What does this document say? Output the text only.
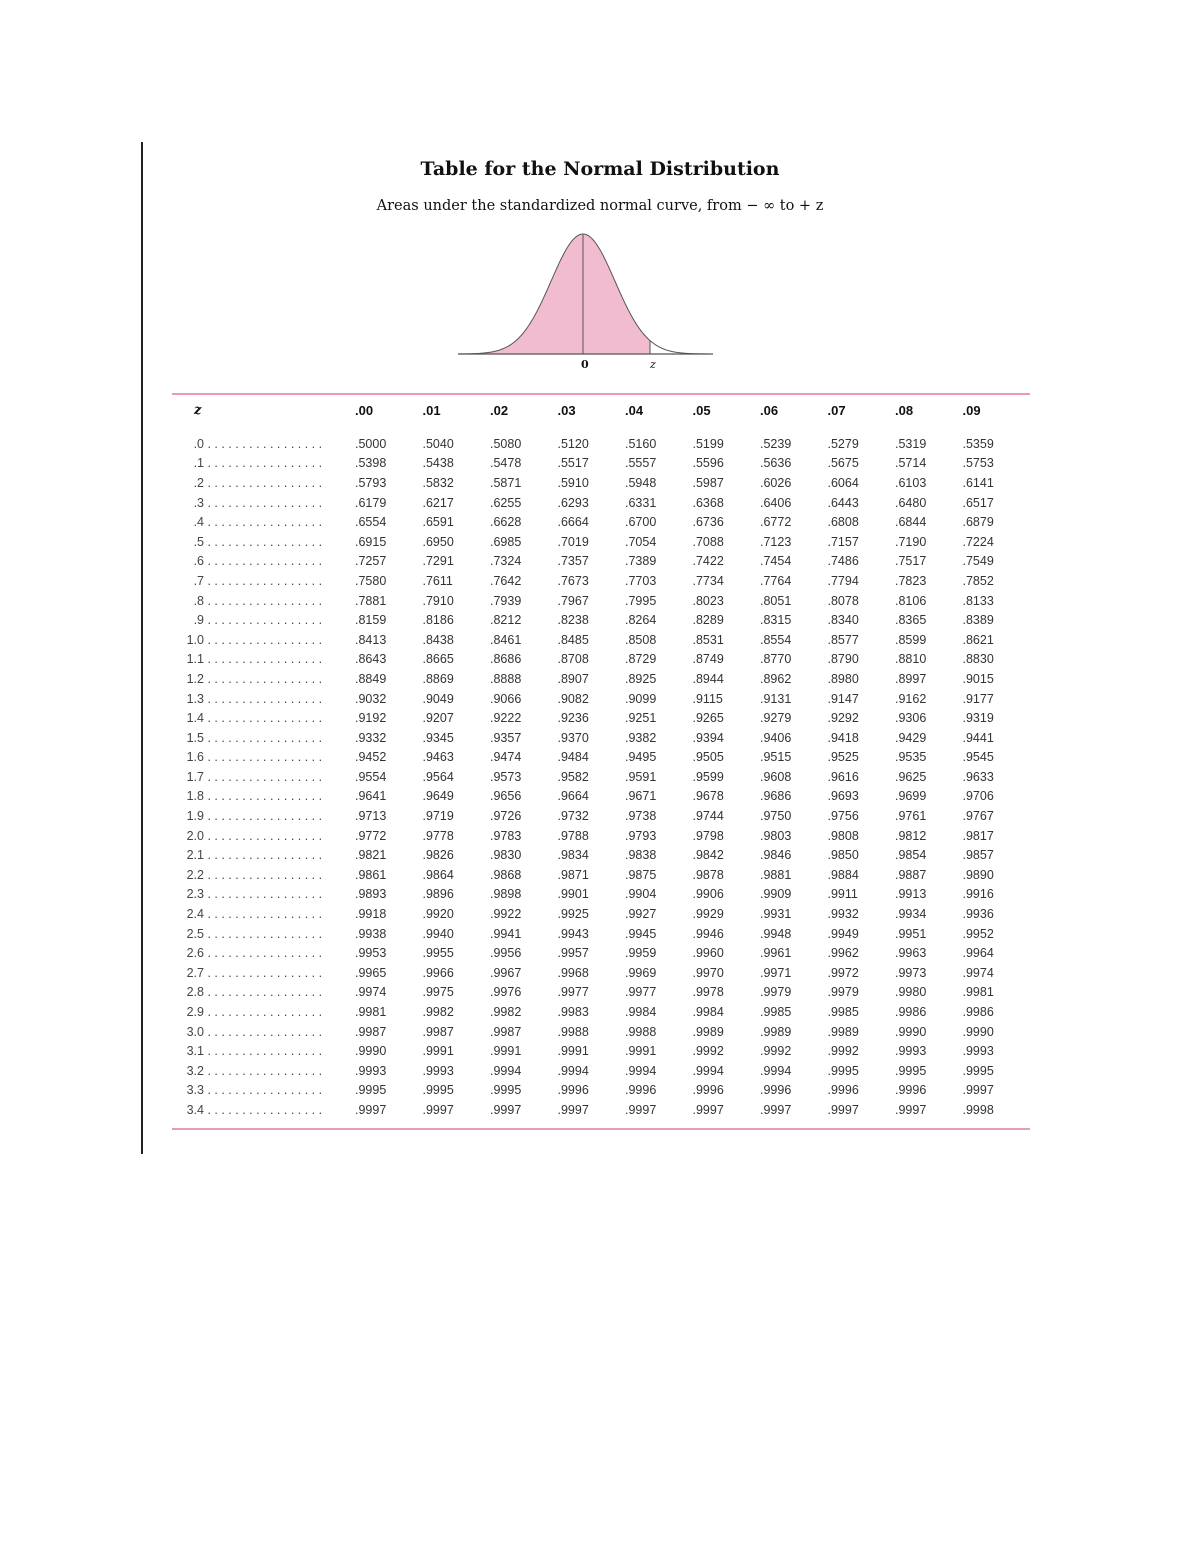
Table for the Normal Distribution
Areas under the standardized normal curve, from − ∞ to + z
0	z
z	.00	.01	.02	.03	.04	.05	.06	.07	.08	.09
.0 . . . . . . . . . . . . . . . . .	.5000	.5040	.5080	.5120	.5160	.5199	.5239	.5279	.5319	.5359
.1 . . . . . . . . . . . . . . . . .	.5398	.5438	.5478	.5517	.5557	.5596	.5636	.5675	.5714	.5753
.2 . . . . . . . . . . . . . . . . .	.5793	.5832	.5871	.5910	.5948	.5987	.6026	.6064	.6103	.6141
.3 . . . . . . . . . . . . . . . . .	.6179	.6217	.6255	.6293	.6331	.6368	.6406	.6443	.6480	.6517
.4 . . . . . . . . . . . . . . . . .	.6554	.6591	.6628	.6664	.6700	.6736	.6772	.6808	.6844	.6879
.5 . . . . . . . . . . . . . . . . .	.6915	.6950	.6985	.7019	.7054	.7088	.7123	.7157	.7190	.7224
.6 . . . . . . . . . . . . . . . . .	.7257	.7291	.7324	.7357	.7389	.7422	.7454	.7486	.7517	.7549
.7 . . . . . . . . . . . . . . . . .	.7580	.7611	.7642	.7673	.7703	.7734	.7764	.7794	.7823	.7852
.8 . . . . . . . . . . . . . . . . .	.7881	.7910	.7939	.7967	.7995	.8023	.8051	.8078	.8106	.8133
.9 . . . . . . . . . . . . . . . . .	.8159	.8186	.8212	.8238	.8264	.8289	.8315	.8340	.8365	.8389
1.0 . . . . . . . . . . . . . . . . .	.8413	.8438	.8461	.8485	.8508	.8531	.8554	.8577	.8599	.8621
1.1 . . . . . . . . . . . . . . . . .	.8643	.8665	.8686	.8708	.8729	.8749	.8770	.8790	.8810	.8830
1.2 . . . . . . . . . . . . . . . . .	.8849	.8869	.8888	.8907	.8925	.8944	.8962	.8980	.8997	.9015
1.3 . . . . . . . . . . . . . . . . .	.9032	.9049	.9066	.9082	.9099	.9115	.9131	.9147	.9162	.9177
1.4 . . . . . . . . . . . . . . . . .	.9192	.9207	.9222	.9236	.9251	.9265	.9279	.9292	.9306	.9319
1.5 . . . . . . . . . . . . . . . . .	.9332	.9345	.9357	.9370	.9382	.9394	.9406	.9418	.9429	.9441
1.6 . . . . . . . . . . . . . . . . .	.9452	.9463	.9474	.9484	.9495	.9505	.9515	.9525	.9535	.9545
1.7 . . . . . . . . . . . . . . . . .	.9554	.9564	.9573	.9582	.9591	.9599	.9608	.9616	.9625	.9633
1.8 . . . . . . . . . . . . . . . . .	.9641	.9649	.9656	.9664	.9671	.9678	.9686	.9693	.9699	.9706
1.9 . . . . . . . . . . . . . . . . .	.9713	.9719	.9726	.9732	.9738	.9744	.9750	.9756	.9761	.9767
2.0 . . . . . . . . . . . . . . . . .	.9772	.9778	.9783	.9788	.9793	.9798	.9803	.9808	.9812	.9817
2.1 . . . . . . . . . . . . . . . . .	.9821	.9826	.9830	.9834	.9838	.9842	.9846	.9850	.9854	.9857
2.2 . . . . . . . . . . . . . . . . .	.9861	.9864	.9868	.9871	.9875	.9878	.9881	.9884	.9887	.9890
2.3 . . . . . . . . . . . . . . . . .	.9893	.9896	.9898	.9901	.9904	.9906	.9909	.9911	.9913	.9916
2.4 . . . . . . . . . . . . . . . . .	.9918	.9920	.9922	.9925	.9927	.9929	.9931	.9932	.9934	.9936
2.5 . . . . . . . . . . . . . . . . .	.9938	.9940	.9941	.9943	.9945	.9946	.9948	.9949	.9951	.9952
2.6 . . . . . . . . . . . . . . . . .	.9953	.9955	.9956	.9957	.9959	.9960	.9961	.9962	.9963	.9964
2.7 . . . . . . . . . . . . . . . . .	.9965	.9966	.9967	.9968	.9969	.9970	.9971	.9972	.9973	.9974
2.8 . . . . . . . . . . . . . . . . .	.9974	.9975	.9976	.9977	.9977	.9978	.9979	.9979	.9980	.9981
2.9 . . . . . . . . . . . . . . . . .	.9981	.9982	.9982	.9983	.9984	.9984	.9985	.9985	.9986	.9986
3.0 . . . . . . . . . . . . . . . . .	.9987	.9987	.9987	.9988	.9988	.9989	.9989	.9989	.9990	.9990
3.1 . . . . . . . . . . . . . . . . .	.9990	.9991	.9991	.9991	.9991	.9992	.9992	.9992	.9993	.9993
3.2 . . . . . . . . . . . . . . . . .	.9993	.9993	.9994	.9994	.9994	.9994	.9994	.9995	.9995	.9995
3.3 . . . . . . . . . . . . . . . . .	.9995	.9995	.9995	.9996	.9996	.9996	.9996	.9996	.9996	.9997
3.4 . . . . . . . . . . . . . . . . .	.9997	.9997	.9997	.9997	.9997	.9997	.9997	.9997	.9997	.9998
